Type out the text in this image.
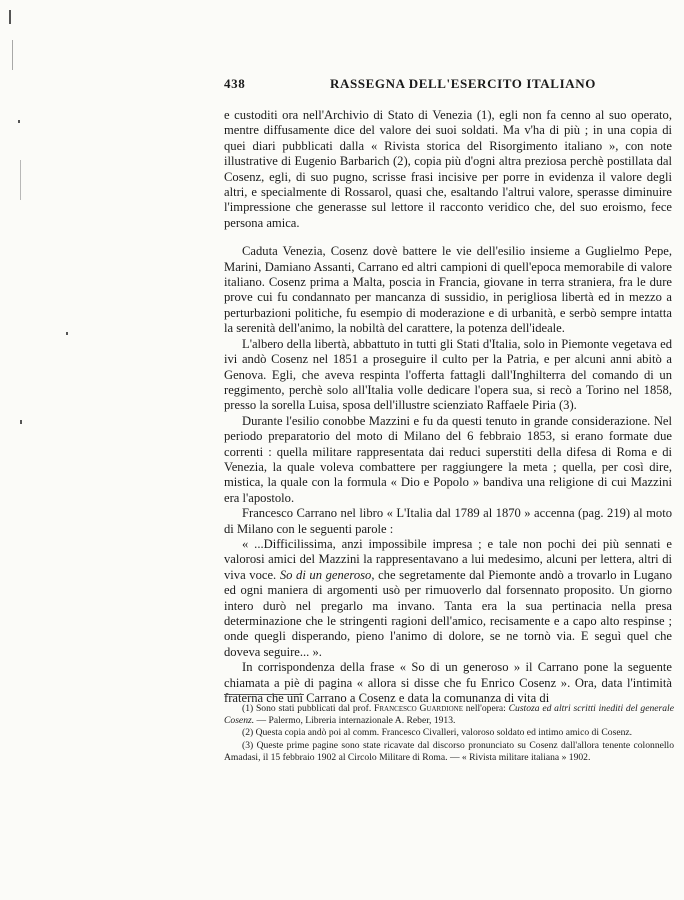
438	RASSEGNA DELL'ESERCITO ITALIANO

e custoditi ora nell'Archivio di Stato di Venezia (1), egli non fa cenno al suo operato, mentre diffusamente dice del valore dei suoi soldati. Ma v'ha di più ; in una copia di quei diari pubblicati dalla « Rivista storica del Risorgimento italiano », con note illustrative di Eugenio Barbarich (2), copia più d'ogni altra preziosa perchè postillata dal Cosenz, egli, di suo pugno, scrisse frasi incisive per porre in evidenza il valore degli altri, e specialmente di Rossarol, quasi che, esaltando l'altrui valore, sperasse diminuire l'impressione che generasse sul lettore il racconto veridico che, del suo eroismo, fece persona amica.

Caduta Venezia, Cosenz dovè battere le vie dell'esilio insieme a Guglielmo Pepe, Marini, Damiano Assanti, Carrano ed altri campioni di quell'epoca memorabile di valore italiano. Cosenz prima a Malta, poscia in Francia, giovane in terra straniera, fra le dure prove cui fu condannato per mancanza di sussidio, in perigliosa libertà ed in mezzo a perturbazioni politiche, fu esempio di moderazione e di urbanità, e serbò sempre intatta la serenità dell'animo, la nobiltà del carattere, la potenza dell'ideale.

L'albero della libertà, abbattuto in tutti gli Stati d'Italia, solo in Piemonte vegetava ed ivi andò Cosenz nel 1851 a proseguire il culto per la Patria, e per alcuni anni abitò a Genova. Egli, che aveva respinta l'offerta fattagli dall'Inghilterra del comando di un reggimento, perchè solo all'Italia volle dedicare l'opera sua, si recò a Torino nel 1858, presso la sorella Luisa, sposa dell'illustre scienziato Raffaele Piria (3).

Durante l'esilio conobbe Mazzini e fu da questi tenuto in grande considerazione. Nel periodo preparatorio del moto di Milano del 6 febbraio 1853, si erano formate due correnti : quella militare rappresentata dai reduci superstiti della difesa di Roma e di Venezia, la quale voleva combattere per raggiungere la meta ; quella, per così dire, mistica, la quale con la formula « Dio e Popolo » bandiva una religione di cui Mazzini era l'apostolo.

Francesco Carrano nel libro « L'Italia dal 1789 al 1870 » accenna (pag. 219) al moto di Milano con le seguenti parole :

« ...Difficilissima, anzi impossibile impresa ; e tale non pochi dei più sennati e valorosi amici del Mazzini la rappresentavano a lui medesimo, alcuni per lettera, altri di viva voce. So di un generoso, che segretamente dal Piemonte andò a trovarlo in Lugano ed ogni maniera di argomenti usò per rimuoverlo dal forsennato proposito. Un giorno intero durò nel pregarlo ma invano. Tanta era la sua pertinacia nella presa determinazione che le stringenti ragioni dell'amico, recisamente e a capo alto respinse ; onde quegli disperando, pieno l'animo di dolore, se ne tornò via. E seguì quel che doveva seguire... ».

In corrispondenza della frase « So di un generoso » il Carrano pone la seguente chiamata a piè di pagina « allora si disse che fu Enrico Cosenz ». Ora, data l'intimità fraterna che unì Carrano a Cosenz e data la comunanza di vita di

(1) Sono stati pubblicati dal prof. Francesco Guardione nell'opera: Custoza ed altri scritti inediti del generale Cosenz. — Palermo, Libreria internazionale A. Reber, 1913.

(2) Questa copia andò poi al comm. Francesco Civalleri, valoroso soldato ed intimo amico di Cosenz.

(3) Queste prime pagine sono state ricavate dal discorso pronunciato su Cosenz dall'allora tenente colonnello Amadasi, il 15 febbraio 1902 al Circolo Militare di Roma. — « Rivista militare italiana » 1902.
